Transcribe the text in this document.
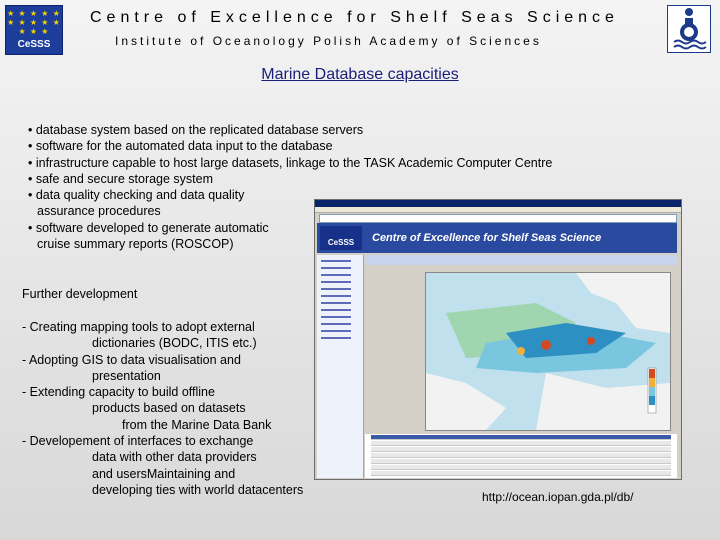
★ ★ ★ ★ ★
★ ★ ★ ★ ★
★ ★ ★
CeSSS
Centre of Excellence for Shelf Seas Science
Institute of Oceanology Polish Academy of Sciences
Marine Database capacities
• database system based on the replicated database servers
• software for the automated data input to the database
• infrastructure capable to host large datasets, linkage to the TASK Academic Computer Centre
• safe and secure storage system
• data quality checking and data quality
assurance procedures
• software developed to generate automatic
cruise summary reports (ROSCOP)
Further development
- Creating mapping tools to adopt external
dictionaries (BODC, ITIS etc.)
- Adopting GIS to data visualisation and
presentation
- Extending capacity to build offline
products based on datasets
from the Marine Data Bank
- Developement of interfaces to exchange
data with other data providers
and usersMaintaining and
developing ties with world datacenters
CeSSS	Centre of Excellence for Shelf Seas Science
http://ocean.iopan.gda.pl/db/
